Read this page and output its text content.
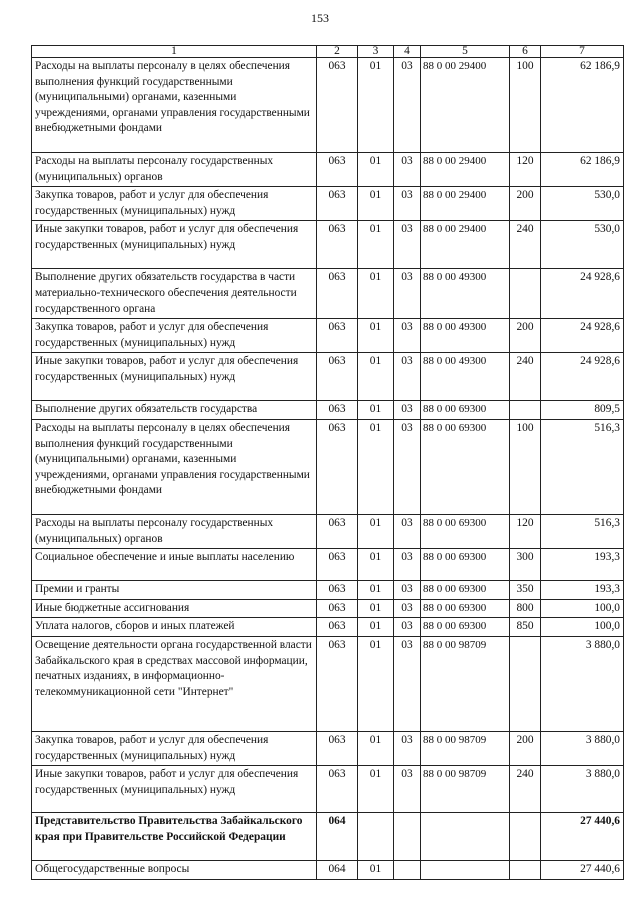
153
1	2	3	4	5	6	7
Расходы на выплаты персоналу в целях обеспечения выполнения функций государственными (муниципальными) органами, казенными учреждениями, органами управления государственными внебюджетными фондами	063	01	03	88 0 00 29400	100	62 186,9
Расходы на выплаты персоналу государственных (муниципальных) органов	063	01	03	88 0 00 29400	120	62 186,9
Закупка товаров, работ и услуг для обеспечения государственных (муниципальных) нужд	063	01	03	88 0 00 29400	200	530,0
Иные закупки товаров, работ и услуг для обеспечения государственных (муниципальных) нужд	063	01	03	88 0 00 29400	240	530,0
Выполнение других обязательств государства в части материально-технического обеспечения деятельности государственного органа	063	01	03	88 0 00 49300		24 928,6
Закупка товаров, работ и услуг для обеспечения государственных (муниципальных) нужд	063	01	03	88 0 00 49300	200	24 928,6
Иные закупки товаров, работ и услуг для обеспечения государственных (муниципальных) нужд	063	01	03	88 0 00 49300	240	24 928,6
Выполнение других обязательств государства	063	01	03	88 0 00 69300		809,5
Расходы на выплаты персоналу в целях обеспечения выполнения функций государственными (муниципальными) органами, казенными учреждениями, органами управления государственными внебюджетными фондами	063	01	03	88 0 00 69300	100	516,3
Расходы на выплаты персоналу государственных (муниципальных) органов	063	01	03	88 0 00 69300	120	516,3
Социальное обеспечение и иные выплаты населению	063	01	03	88 0 00 69300	300	193,3
Премии и гранты	063	01	03	88 0 00 69300	350	193,3
Иные бюджетные ассигнования	063	01	03	88 0 00 69300	800	100,0
Уплата налогов, сборов и иных платежей	063	01	03	88 0 00 69300	850	100,0
Освещение деятельности органа государственной власти Забайкальского края в средствах массовой информации, печатных изданиях, в информационно-телекоммуникационной сети "Интернет"	063	01	03	88 0 00 98709		3 880,0
Закупка товаров, работ и услуг для обеспечения государственных (муниципальных) нужд	063	01	03	88 0 00 98709	200	3 880,0
Иные закупки товаров, работ и услуг для обеспечения государственных (муниципальных) нужд	063	01	03	88 0 00 98709	240	3 880,0
Представительство Правительства Забайкальского края при Правительстве Российской Федерации	064					27 440,6
Общегосударственные вопросы	064	01				27 440,6
